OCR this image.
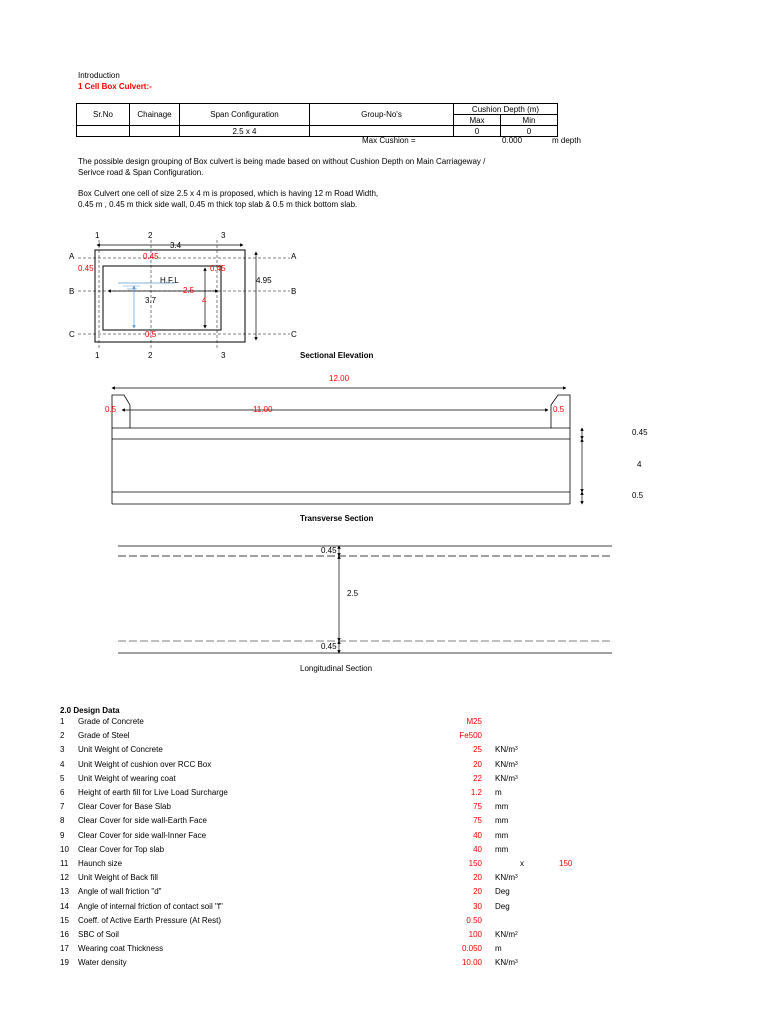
Introduction
1 Cell Box Culvert:-
Sr.No	Chainage	Span Configuration	Group-No's	Cushion Depth (m)	
				Max	Min
		2.5 x 4		0	0
Max Cushion =	0.000	m depth
The possible design grouping of Box culvert is being made based on without Cushion Depth on Main Carriageway /
Serivce road & Span Configuration.
Box Culvert one cell of size 2.5 x 4 m is proposed, which is having 12 m Road Width,
0.45 m , 0.45 m thick side wall, 0.45 m thick top slab & 0.5 m thick bottom slab.
1	2	3
3.4
A	A
0.45
0.45	0.45
4.95
H.F.L
2.5
B	B
4
3.7
C	C
0.5
1	2	3	Sectional Elevation
12.00
0.5	11.00	0.5
0.45
4
0.5
Transverse Section
0.45
2.5
0.45
Longitudinal Section
2.0 Design Data
1 Grade of Concrete	M25
2 Grade of Steel	Fe500
3 Unit Weight of Concrete	25 $KN/m^3$
4 Unit Weight of cushion over RCC Box	20 $KN/m^3$
5 Unit Weight of wearing coat	22 $KN/m^3$
6 Height of earth fill for Live Load Surcharge	1.2 m
7 Clear Cover for Base Slab	75 mm
8 Clear Cover for side wall-Earth Face	75 mm
9 Clear Cover for side wall-Inner Face	40 mm
10 Clear Cover for Top slab	40 mm
11 Haunch size	150	x	150
12 Unit Weight of Back fill	20 $KN/m^3$
13 Angle of wall friction "d"	20 Deg
14 Angle of internal friction of contact soil "f"	30 Deg
15 Coeff. of Active Earth Pressure (At Rest)	0.50
16 SBC of Soil	100 $KN/m^2$
17 Wearing coat Thickness	0.050 m
19 Water density	10.00 $KN/m^3$
